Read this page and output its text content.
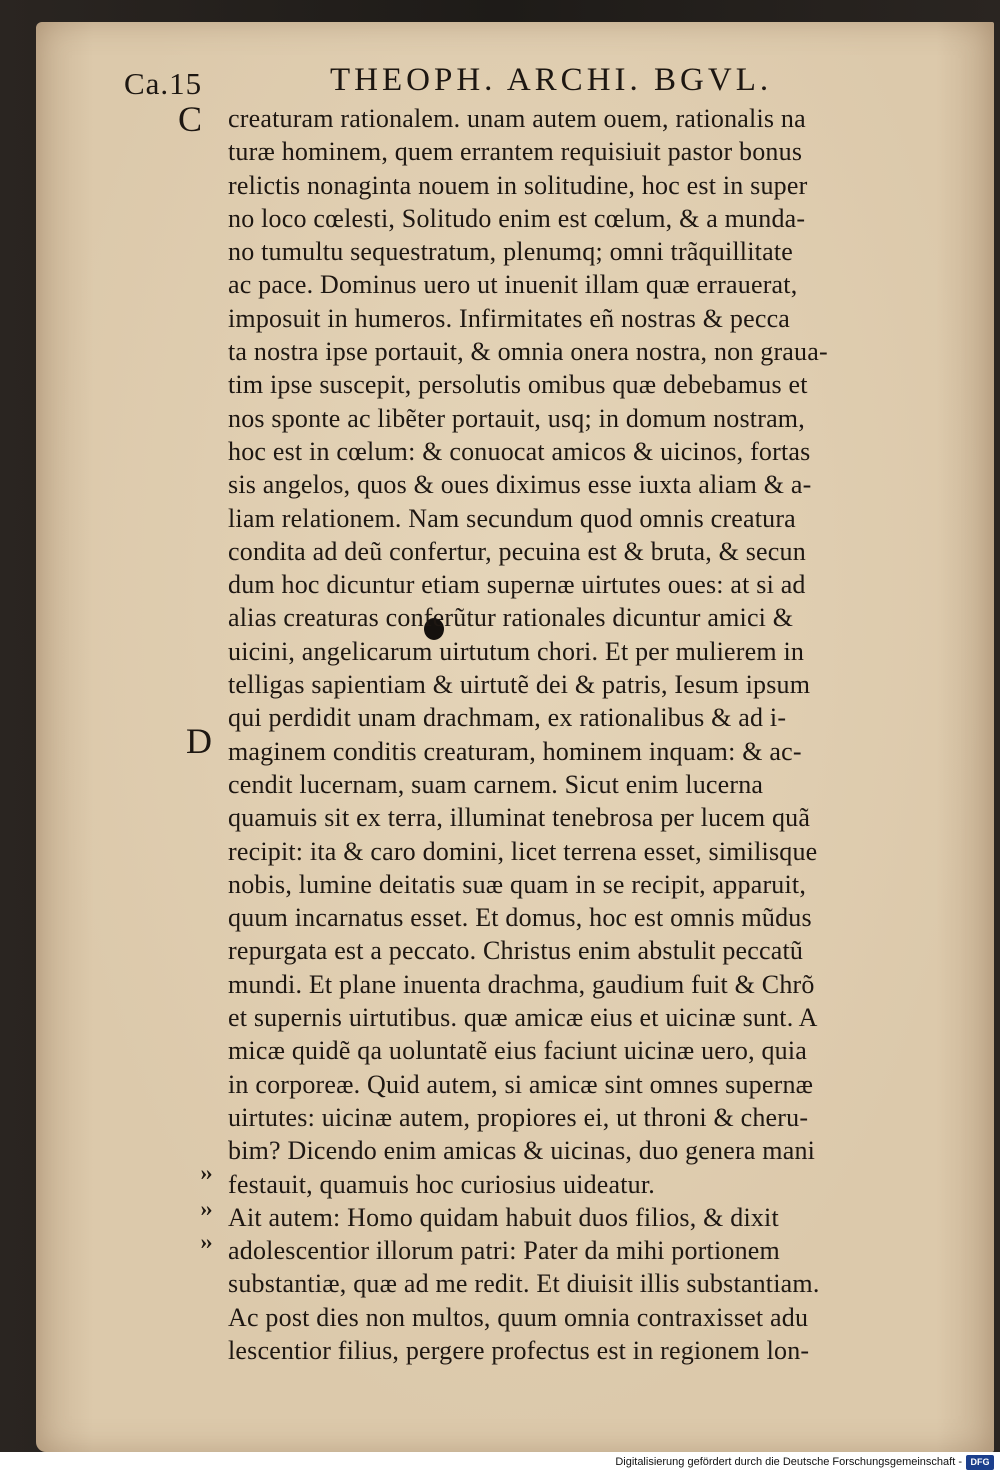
Ca.15	THEOPH. ARCHI. BGVL.
C
D
››
››
››
creaturam rationalem. unam autem ouem, rationalis na
turæ hominem, quem errantem requisiuit pastor bonus
relictis nonaginta nouem in solitudine, hoc est in super
no loco cœlesti, Solitudo enim est cœlum, & a munda-
no tumultu sequestratum, plenumq; omni trãquillitate
ac pace. Dominus uero ut inuenit illam quæ errauerat,
imposuit in humeros. Infirmitates eñ nostras & pecca
ta nostra ipse portauit, & omnia onera nostra, non graua-
tim ipse suscepit, persolutis omibus quæ debebamus et
nos sponte ac libẽter portauit, usq; in domum nostram,
hoc est in cœlum: & conuocat amicos & uicinos, fortas
sis angelos, quos & oues diximus esse iuxta aliam & a-
liam relationem. Nam secundum quod omnis creatura
condita ad deũ confertur, pecuina est & bruta, & secun
dum hoc dicuntur etiam supernæ uirtutes oues: at si ad
alias creaturas conferũtur rationales dicuntur amici &
uicini, angelicarum uirtutum chori. Et per mulierem in
telligas sapientiam & uirtutẽ dei & patris, Iesum ipsum
qui perdidit unam drachmam, ex rationalibus & ad i-
maginem conditis creaturam, hominem inquam: & ac-
cendit lucernam, suam carnem. Sicut enim lucerna
quamuis sit ex terra, illuminat tenebrosa per lucem quã
recipit: ita & caro domini, licet terrena esset, similisque
nobis, lumine deitatis suæ quam in se recipit, apparuit,
quum incarnatus esset. Et domus, hoc est omnis mũdus
repurgata est a peccato. Christus enim abstulit peccatũ
mundi. Et plane inuenta drachma, gaudium fuit & Chrõ
et supernis uirtutibus. quæ amicæ eius et uicinæ sunt. A
micæ quidẽ qa uoluntatẽ eius faciunt uicinæ uero, quia
in corporeæ. Quid autem, si amicæ sint omnes supernæ
uirtutes: uicinæ autem, propiores ei, ut throni & cheru-
bim? Dicendo enim amicas & uicinas, duo genera mani
festauit, quamuis hoc curiosius uideatur.
Ait autem: Homo quidam habuit duos filios, & dixit
adolescentior illorum patri: Pater da mihi portionem
substantiæ, quæ ad me redit. Et diuisit illis substantiam.
Ac post dies non multos, quum omnia contraxisset adu
lescentior filius, pergere profectus est in regionem lon-
Digitalisierung gefördert durch die Deutsche Forschungsgemeinschaft - DFG
